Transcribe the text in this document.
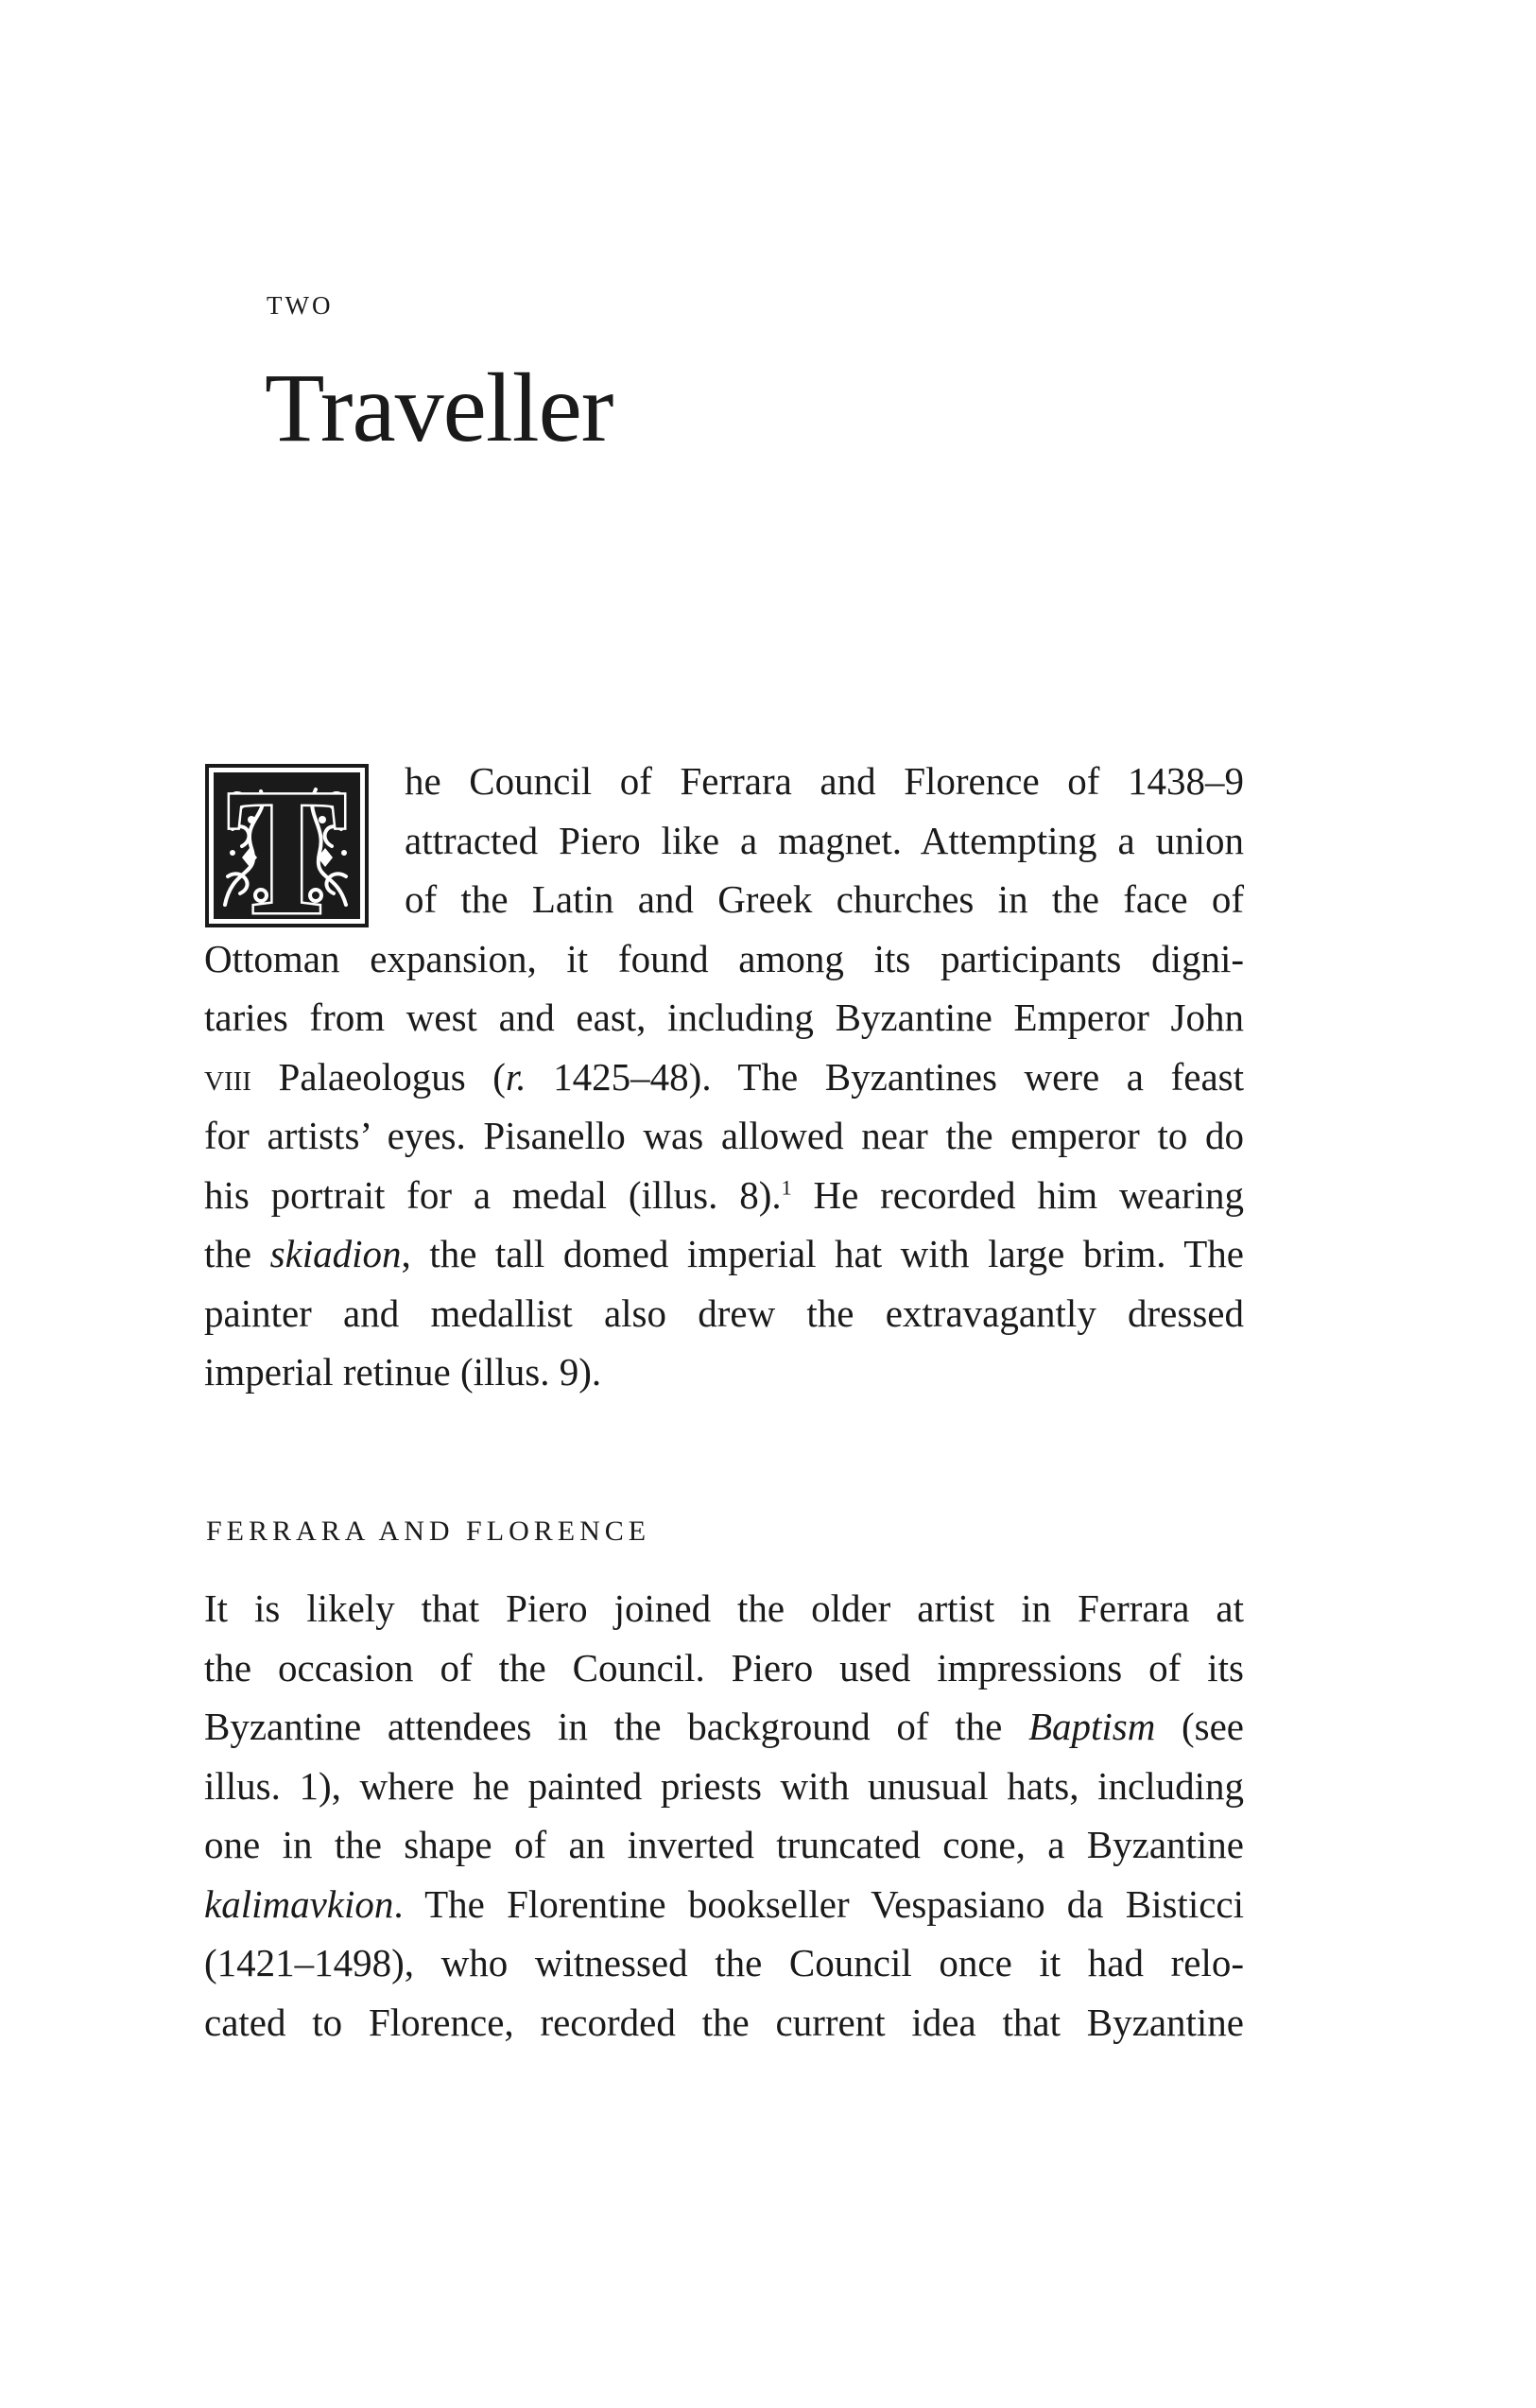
two
Traveller
T	he Council of Ferrara and Florence of 1438–9
attracted Piero like a magnet. Attempting a union
of the Latin and Greek churches in the face of
Ottoman expansion, it found among its participants digni-
taries from west and east, including Byzantine Emperor John
viii Palaeologus (r. 1425–48). The Byzantines were a feast
for artists’ eyes. Pisanello was allowed near the emperor to do
his portrait for a medal (illus. 8).$^1$ He recorded him wearing
the skiadion, the tall domed imperial hat with large brim. The
painter and medallist also drew the extravagantly dressed
imperial retinue (illus. 9).
FERRARA AND FLORENCE
It is likely that Piero joined the older artist in Ferrara at
the occasion of the Council. Piero used impressions of its
Byzantine attendees in the background of the Baptism (see
illus. 1), where he painted priests with unusual hats, including
one in the shape of an inverted truncated cone, a Byzantine
kalimavkion. The Florentine bookseller Vespasiano da Bisticci
(1421–1498), who witnessed the Council once it had relo-
cated to Florence, recorded the current idea that Byzantine
